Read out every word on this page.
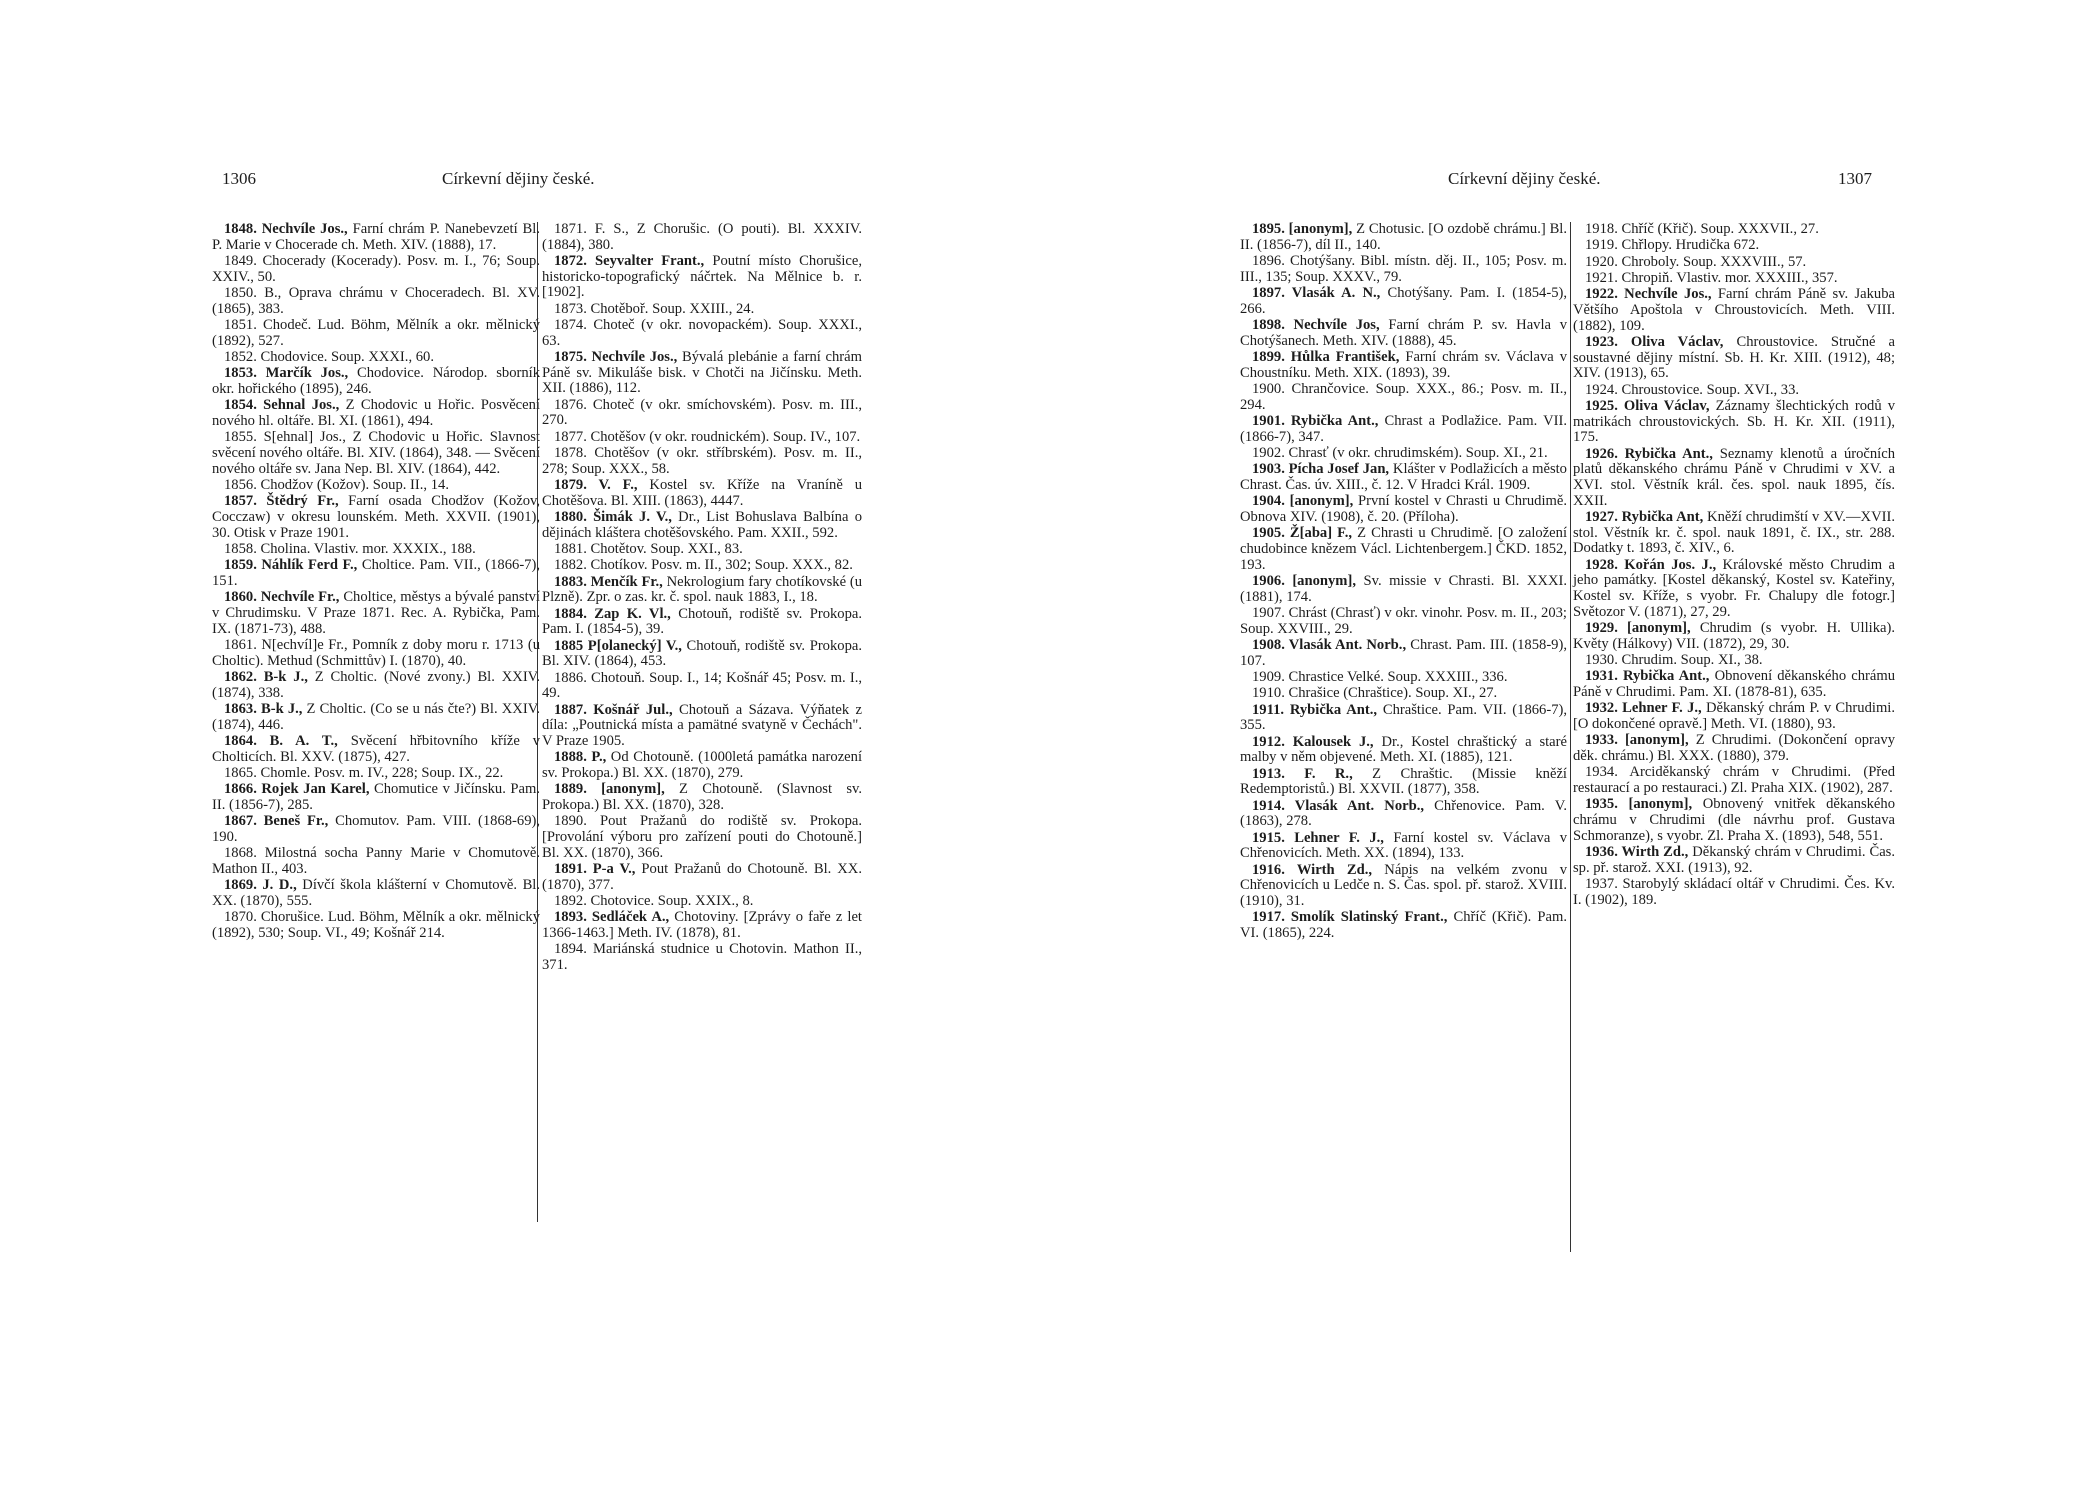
1306	Církevní dějiny české.
1848. Nechvíle Jos., Farní chrám P. Nanebevzetí Bl. P. Marie v Chocerade ch. Meth. XIV. (1888), 17.
1849. Chocerady (Kocerady). Posv. m. I., 76; Soup. XXIV., 50.
1850. B., Oprava chrámu v Choceradech. Bl. XV. (1865), 383.
1851. Chodeč. Lud. Böhm, Mělník a okr. mělnický (1892), 527.
1852. Chodovice. Soup. XXXI., 60.
1853. Marčík Jos., Chodovice. Národop. sborník okr. hořického (1895), 246.
1854. Sehnal Jos., Z Chodovic u Hořic. Posvěcení nového hl. oltáře. Bl. XI. (1861), 494.
1855. S[ehnal] Jos., Z Chodovic u Hořic. Slavnost svěcení nového oltáře. Bl. XIV. (1864), 348. — Svěcení nového oltáře sv. Jana Nep. Bl. XIV. (1864), 442.
1856. Chodžov (Kožov). Soup. II., 14.
1857. Štědrý Fr., Farní osada Chodžov (Kožov, Cocczaw) v okresu lounském. Meth. XXVII. (1901), 30. Otisk v Praze 1901.
1858. Cholina. Vlastiv. mor. XXXIX., 188.
1859. Náhlík Ferd F., Choltice. Pam. VII., (1866-7), 151.
1860. Nechvíle Fr., Choltice, městys a bývalé panství v Chrudimsku. V Praze 1871. Rec. A. Rybička, Pam. IX. (1871-73), 488.
1861. N[echvíl]e Fr., Pomník z doby moru r. 1713 (u Choltic). Methud (Schmittův) I. (1870), 40.
1862. B-k J., Z Choltic. (Nové zvony.) Bl. XXIV. (1874), 338.
1863. B-k J., Z Choltic. (Co se u nás čte?) Bl. XXIV. (1874), 446.
1864. B. A. T., Svěcení hřbitovního kříže v Cholticích. Bl. XXV. (1875), 427.
1865. Chomle. Posv. m. IV., 228; Soup. IX., 22.
1866. Rojek Jan Karel, Chomutice v Jičínsku. Pam. II. (1856-7), 285.
1867. Beneš Fr., Chomutov. Pam. VIII. (1868-69), 190.
1868. Milostná socha Panny Marie v Chomutově. Mathon II., 403.
1869. J. D., Dívčí škola klášterní v Chomutově. Bl. XX. (1870), 555.
1870. Chorušice. Lud. Böhm, Mělník a okr. mělnický (1892), 530; Soup. VI., 49; Košnář 214.
1871. F. S., Z Chorušic. (O pouti). Bl. XXXIV. (1884), 380.
1872. Seyvalter Frant., Poutní místo Chorušice, historicko-topografický náčrtek. Na Mělnice b. r. [1902].
1873. Chotěboř. Soup. XXIII., 24.
1874. Choteč (v okr. novopackém). Soup. XXXI., 63.
1875. Nechvíle Jos., Bývalá plebánie a farní chrám Páně sv. Mikuláše bisk. v Chotči na Jičínsku. Meth. XII. (1886), 112.
1876. Choteč (v okr. smíchovském). Posv. m. III., 270.
1877. Chotěšov (v okr. roudnickém). Soup. IV., 107.
1878. Chotěšov (v okr. stříbrském). Posv. m. II., 278; Soup. XXX., 58.
1879. V. F., Kostel sv. Kříže na Vraníně u Chotěšova. Bl. XIII. (1863), 4447.
1880. Šimák J. V., Dr., List Bohuslava Balbína o dějinách kláštera chotěšovského. Pam. XXII., 592.
1881. Chotětov. Soup. XXI., 83.
1882. Chotíkov. Posv. m. II., 302; Soup. XXX., 82.
1883. Menčík Fr., Nekrologium fary chotíkovské (u Plzně). Zpr. o zas. kr. č. spol. nauk 1883, I., 18.
1884. Zap K. Vl., Chotouň, rodiště sv. Prokopa. Pam. I. (1854-5), 39.
1885 P[olanecký] V., Chotouň, rodiště sv. Prokopa. Bl. XIV. (1864), 453.
1886. Chotouň. Soup. I., 14; Košnář 45; Posv. m. I., 49.
1887. Košnář Jul., Chotouň a Sázava. Výňatek z díla: „Poutnická místa a pamätné svatyně v Čechách". V Praze 1905.
1888. P., Od Chotouně. (1000letá památka narození sv. Prokopa.) Bl. XX. (1870), 279.
1889. [anonym], Z Chotouně. (Slavnost sv. Prokopa.) Bl. XX. (1870), 328.
1890. Pout Pražanů do rodiště sv. Prokopa. [Provolání výboru pro zařízení pouti do Chotouně.] Bl. XX. (1870), 366.
1891. P-a V., Pout Pražanů do Chotouně. Bl. XX. (1870), 377.
1892. Chotovice. Soup. XXIX., 8.
1893. Sedláček A., Chotoviny. [Zprávy o faře z let 1366-1463.] Meth. IV. (1878), 81.
1894. Mariánská studnice u Chotovin. Mathon II., 371.
Církevní dějiny české.	1307
1895. [anonym], Z Chotusic. [O ozdobě chrámu.] Bl. II. (1856-7), díl II., 140.
1896. Chotýšany. Bibl. místn. děj. II., 105; Posv. m. III., 135; Soup. XXXV., 79.
1897. Vlasák A. N., Chotýšany. Pam. I. (1854-5), 266.
1898. Nechvíle Jos, Farní chrám P. sv. Havla v Chotýšanech. Meth. XIV. (1888), 45.
1899. Hůlka František, Farní chrám sv. Václava v Choustníku. Meth. XIX. (1893), 39.
1900. Chrančovice. Soup. XXX., 86.; Posv. m. II., 294.
1901. Rybička Ant., Chrast a Podlažice. Pam. VII. (1866-7), 347.
1902. Chrasť (v okr. chrudimském). Soup. XI., 21.
1903. Pícha Josef Jan, Klášter v Podlažicích a město Chrast. Čas. úv. XIII., č. 12. V Hradci Král. 1909.
1904. [anonym], První kostel v Chrasti u Chrudimě. Obnova XIV. (1908), č. 20. (Příloha).
1905. Ž[aba] F., Z Chrasti u Chrudimě. [O založení chudobince knězem Václ. Lichtenbergem.] ČKD. 1852, 193.
1906. [anonym], Sv. missie v Chrasti. Bl. XXXI. (1881), 174.
1907. Chrást (Chrasť) v okr. vinohr. Posv. m. II., 203; Soup. XXVIII., 29.
1908. Vlasák Ant. Norb., Chrast. Pam. III. (1858-9), 107.
1909. Chrastice Velké. Soup. XXXIII., 336.
1910. Chrašice (Chraštice). Soup. XI., 27.
1911. Rybička Ant., Chraštice. Pam. VII. (1866-7), 355.
1912. Kalousek J., Dr., Kostel chraštický a staré malby v něm objevené. Meth. XI. (1885), 121.
1913. F. R., Z Chraštic. (Missie kněží Redemptoristů.) Bl. XXVII. (1877), 358.
1914. Vlasák Ant. Norb., Chřenovice. Pam. V. (1863), 278.
1915. Lehner F. J., Farní kostel sv. Václava v Chřenovicích. Meth. XX. (1894), 133.
1916. Wirth Zd., Nápis na velkém zvonu v Chřenovicích u Ledče n. S. Čas. spol. př. starož. XVIII. (1910), 31.
1917. Smolík Slatinský Frant., Chříč (Křič). Pam. VI. (1865), 224.
1918. Chříč (Křič). Soup. XXXVII., 27.
1919. Chřlopy. Hrudička 672.
1920. Chroboly. Soup. XXXVIII., 57.
1921. Chropiň. Vlastiv. mor. XXXIII., 357.
1922. Nechvíle Jos., Farní chrám Páně sv. Jakuba Většího Apoštola v Chroustovicích. Meth. VIII. (1882), 109.
1923. Oliva Václav, Chroustovice. Stručné a soustavné dějiny místní. Sb. H. Kr. XIII. (1912), 48; XIV. (1913), 65.
1924. Chroustovice. Soup. XVI., 33.
1925. Oliva Václav, Záznamy šlechtických rodů v matrikách chroustovických. Sb. H. Kr. XII. (1911), 175.
1926. Rybička Ant., Seznamy klenotů a úročních platů děkanského chrámu Páně v Chrudimi v XV. a XVI. stol. Věstník král. čes. spol. nauk 1895, čís. XXII.
1927. Rybička Ant, Kněží chrudimští v XV.—XVII. stol. Věstník kr. č. spol. nauk 1891, č. IX., str. 288. Dodatky t. 1893, č. XIV., 6.
1928. Kořán Jos. J., Královské město Chrudim a jeho památky. [Kostel děkanský, Kostel sv. Kateřiny, Kostel sv. Kříže, s vyobr. Fr. Chalupy dle fotogr.] Světozor V. (1871), 27, 29.
1929. [anonym], Chrudim (s vyobr. H. Ullika). Květy (Hálkovy) VII. (1872), 29, 30.
1930. Chrudim. Soup. XI., 38.
1931. Rybička Ant., Obnovení děkanského chrámu Páně v Chrudimi. Pam. XI. (1878-81), 635.
1932. Lehner F. J., Děkanský chrám P. v Chrudimi. [O dokončené opravě.] Meth. VI. (1880), 93.
1933. [anonym], Z Chrudimi. (Dokončení opravy děk. chrámu.) Bl. XXX. (1880), 379.
1934. Arciděkanský chrám v Chrudimi. (Před restaurací a po restauraci.) Zl. Praha XIX. (1902), 287.
1935. [anonym], Obnovený vnitřek děkanského chrámu v Chrudimi (dle návrhu prof. Gustava Schmoranze), s vyobr. Zl. Praha X. (1893), 548, 551.
1936. Wirth Zd., Děkanský chrám v Chrudimi. Čas. sp. př. starož. XXI. (1913), 92.
1937. Starobylý skládací oltář v Chrudimi. Čes. Kv. I. (1902), 189.
